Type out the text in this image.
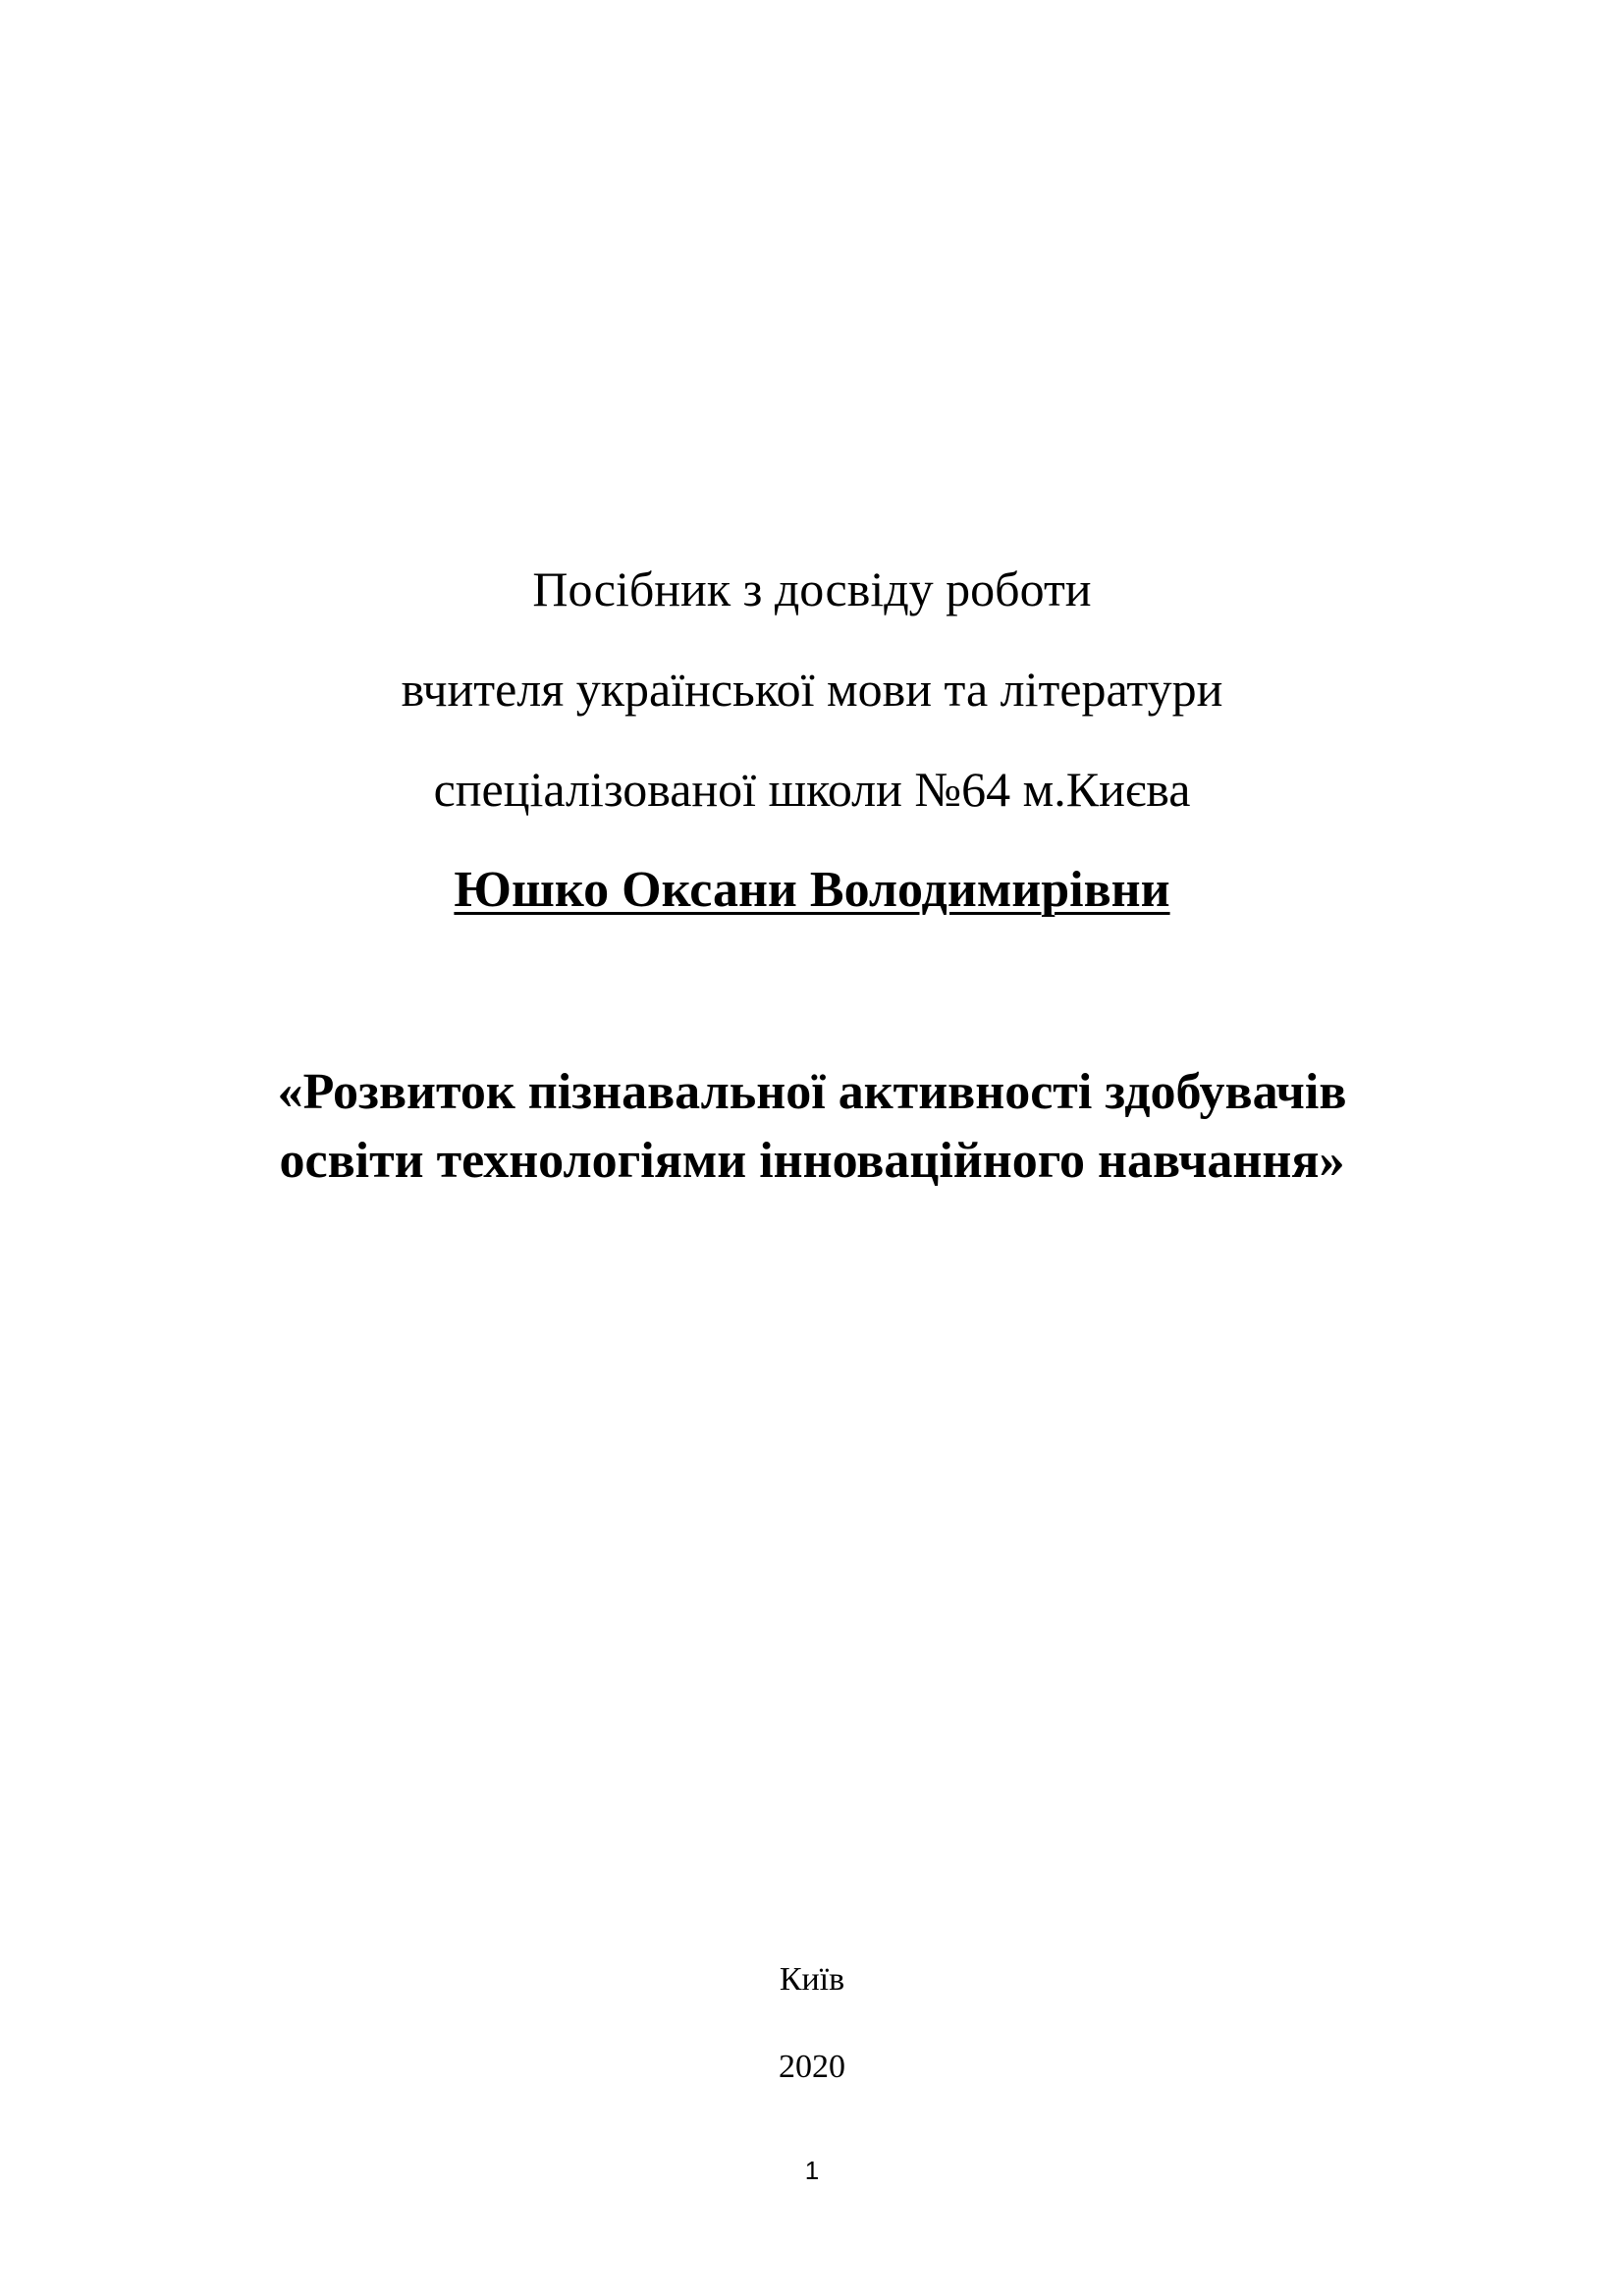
Посібник з досвіду роботи
вчителя української мови та літератури
спеціалізованої школи №64 м.Києва
Юшко Оксани Володимирівни
«Розвиток пізнавальної активності здобувачів
освіти технологіями інноваційного навчання»
Київ
2020
1
